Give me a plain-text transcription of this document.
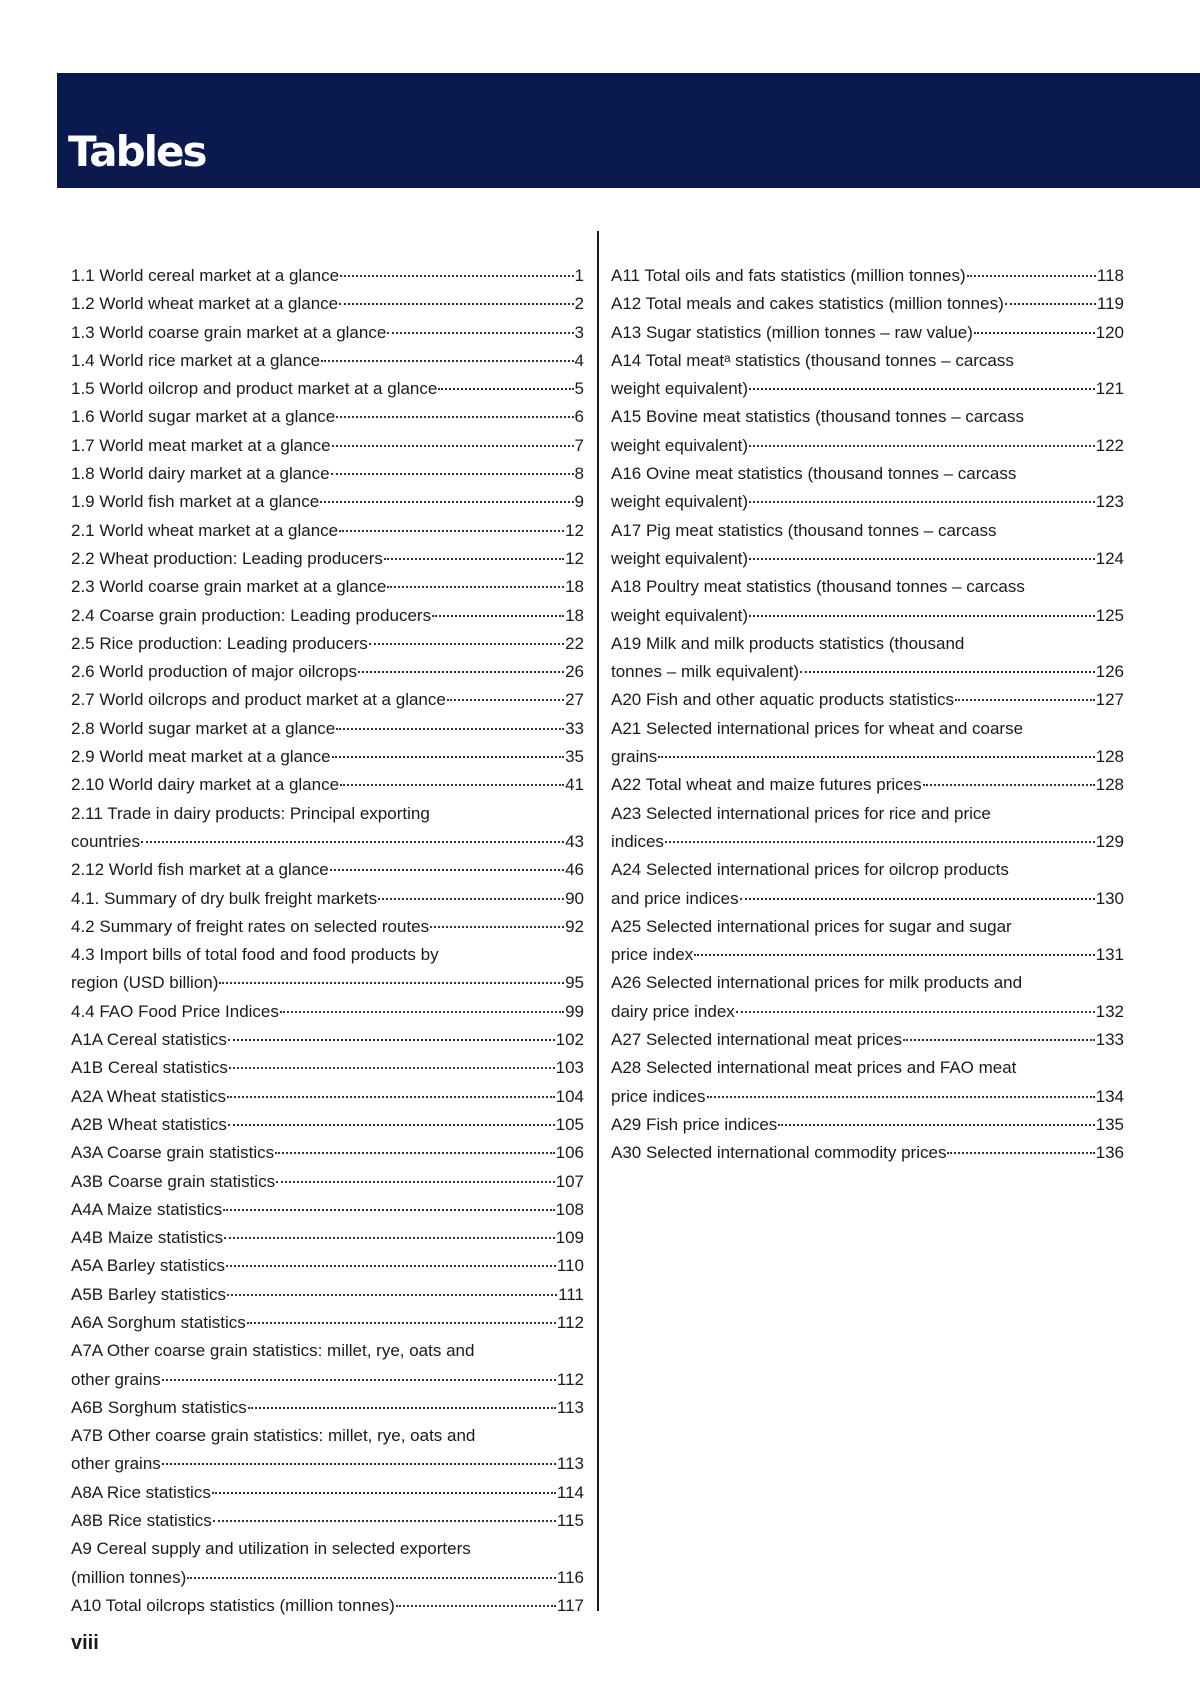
Tables
1.1 World cereal market at a glance	1
1.2 World wheat market at a glance	2
1.3 World coarse grain market at a glance	3
1.4 World rice market at a glance	4
1.5 World oilcrop and product market at a glance	5
1.6 World sugar market at a glance	6
1.7 World meat market at a glance	7
1.8 World dairy market at a glance	8
1.9 World fish market at a glance	9
2.1 World wheat market at a glance	12
2.2 Wheat production: Leading producers	12
2.3 World coarse grain market at a glance	18
2.4 Coarse grain production: Leading producers	18
2.5 Rice production: Leading producers	22
2.6 World production of major oilcrops	26
2.7 World oilcrops and product market at a glance	27
2.8 World sugar market at a glance	33
2.9 World meat market at a glance	35
2.10 World dairy market at a glance	41
2.11 Trade in dairy products: Principal exporting
countries	43
2.12 World fish market at a glance	46
4.1. Summary of dry bulk freight markets	90
4.2 Summary of freight rates on selected routes	92
4.3 Import bills of total food and food products by
region (USD billion)	95
4.4 FAO Food Price Indices	99
A1A Cereal statistics	102
A1B Cereal statistics	103
A2A Wheat statistics	104
A2B Wheat statistics	105
A3A Coarse grain statistics	106
A3B Coarse grain statistics	107
A4A Maize statistics	108
A4B Maize statistics	109
A5A Barley statistics	110
A5B Barley statistics	111
A6A Sorghum statistics	112
A7A Other coarse grain statistics: millet, rye, oats and
other grains	112
A6B Sorghum statistics	113
A7B Other coarse grain statistics: millet, rye, oats and
other grains	113
A8A Rice statistics	114
A8B Rice statistics	115
A9 Cereal supply and utilization in selected exporters
(million tonnes)	116
A10 Total oilcrops statistics (million tonnes)	117
A11 Total oils and fats statistics (million tonnes)	118
A12 Total meals and cakes statistics (million tonnes)	119
A13 Sugar statistics (million tonnes – raw value)	120
A14 Total meatᵃ statistics (thousand tonnes – carcass
weight equivalent)	121
A15 Bovine meat statistics (thousand tonnes – carcass
weight equivalent)	122
A16 Ovine meat statistics (thousand tonnes – carcass
weight equivalent)	123
A17 Pig meat statistics (thousand tonnes – carcass
weight equivalent)	124
A18 Poultry meat statistics (thousand tonnes – carcass
weight equivalent)	125
A19 Milk and milk products statistics (thousand
tonnes – milk equivalent)	126
A20 Fish and other aquatic products statistics	127
A21 Selected international prices for wheat and coarse
grains	128
A22 Total wheat and maize futures prices	128
A23 Selected international prices for rice and price
indices	129
A24 Selected international prices for oilcrop products
and price indices	130
A25 Selected international prices for sugar and sugar
price index	131
A26 Selected international prices for milk products and
dairy price index	132
A27 Selected international meat prices	133
A28 Selected international meat prices and FAO meat
price indices	134
A29 Fish price indices	135
A30 Selected international commodity prices	136
viii
